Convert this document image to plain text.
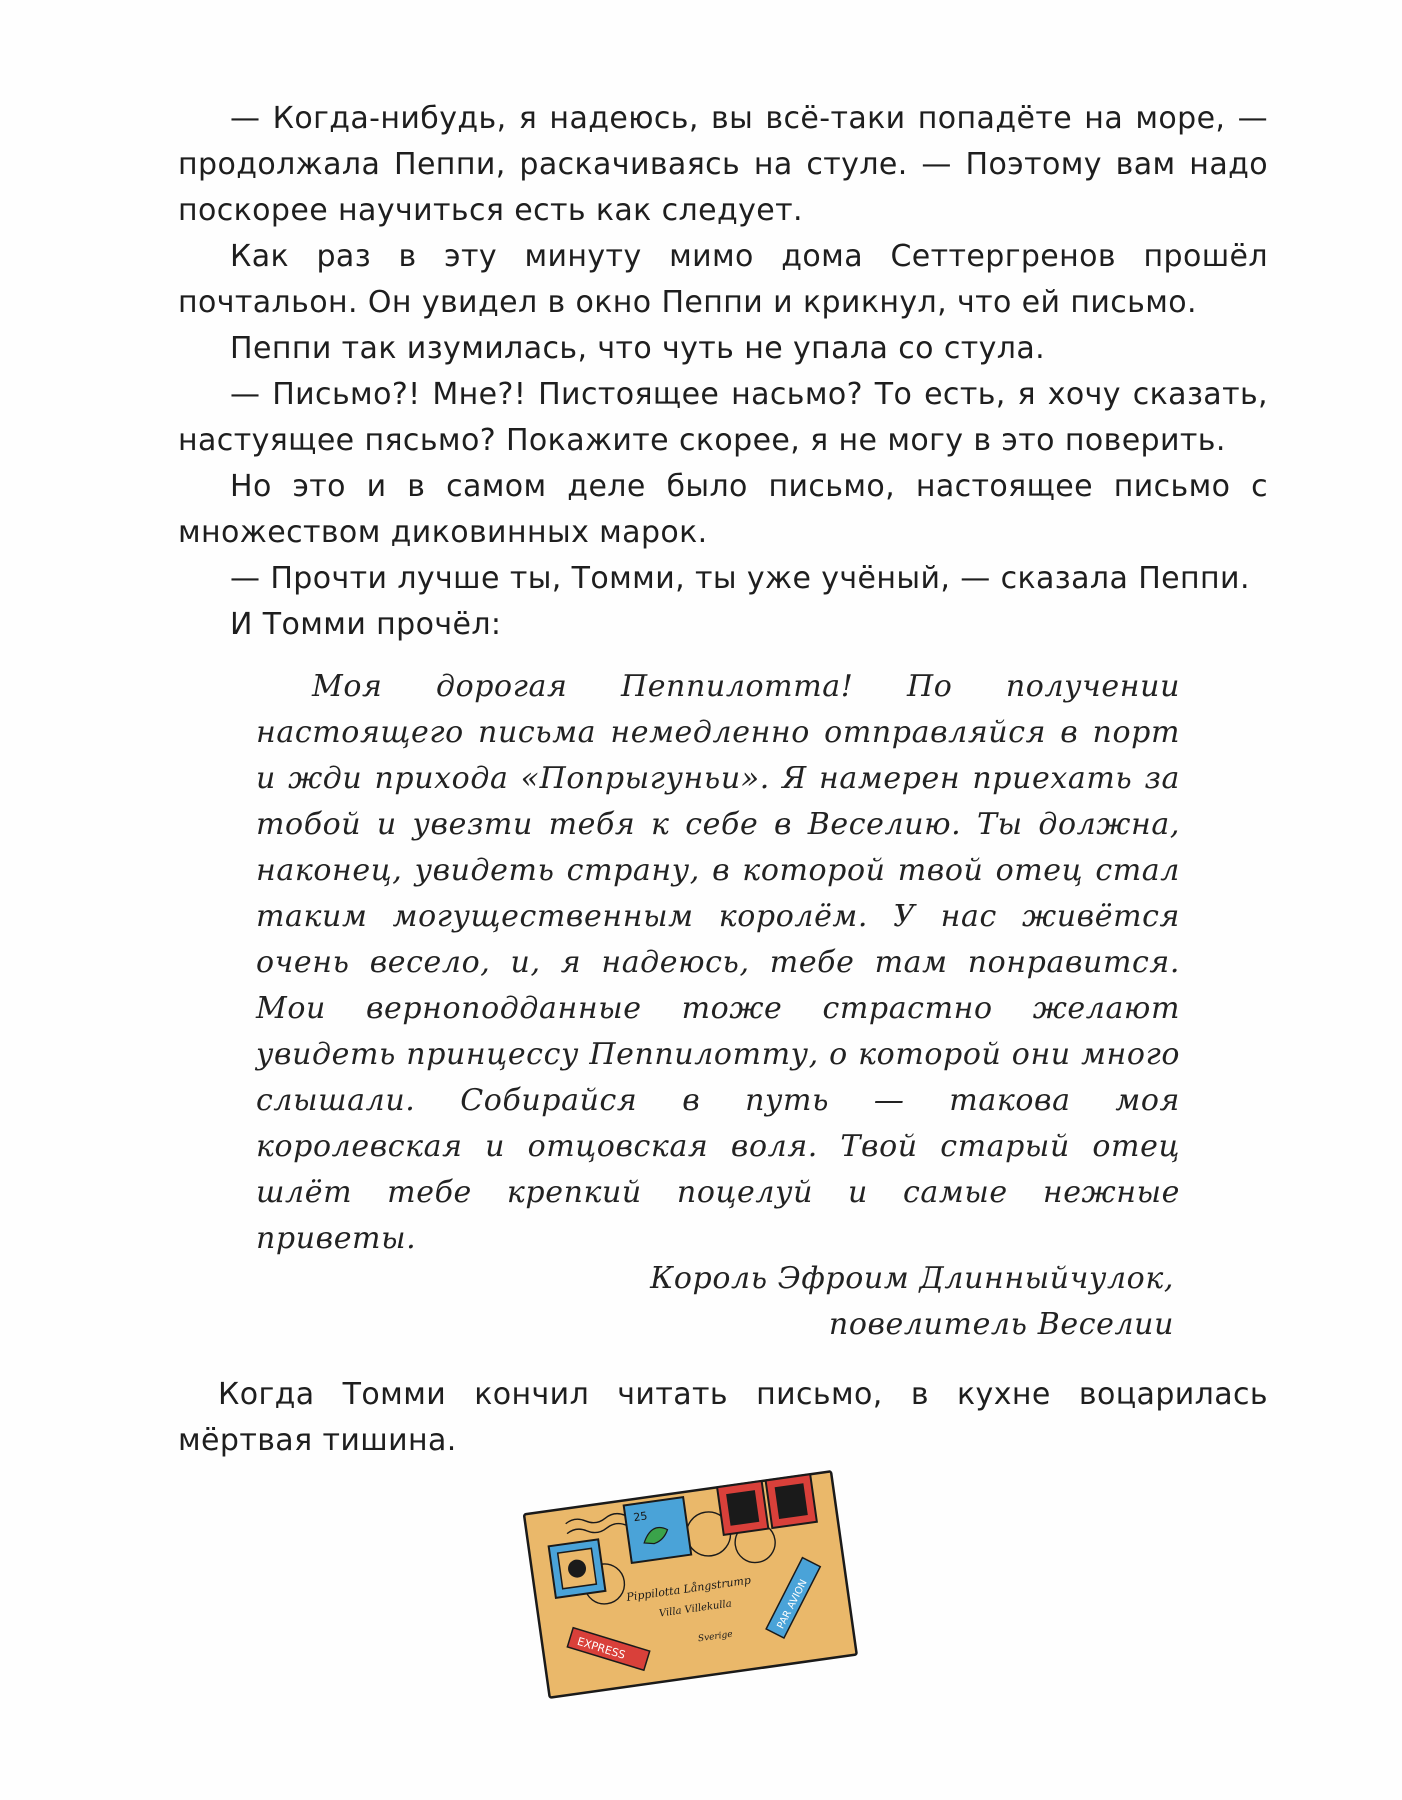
— Когда-нибудь, я надеюсь, вы всё-таки попадёте на море, — продолжала Пеппи, раскачиваясь на стуле. — Поэтому вам надо поскорее научиться есть как следует.

Как раз в эту минуту мимо дома Сеттергренов прошёл почтальон. Он увидел в окно Пеппи и крикнул, что ей письмо.

Пеппи так изумилась, что чуть не упала со стула.

— Письмо?! Мне?! Пистоящее насьмо? То есть, я хочу сказать, настуящее пясьмо? Покажите скорее, я не могу в это поверить.

Но это и в самом деле было письмо, настоящее письмо с множеством диковинных марок.

— Прочти лучше ты, Томми, ты уже учёный, — сказала Пеппи.

И Томми прочёл:

Моя дорогая Пеппилотта! По получении настоящего письма немедленно отправляйся в порт и жди прихода «Попрыгуньи». Я намерен приехать за тобой и увезти тебя к себе в Веселию. Ты должна, наконец, увидеть страну, в которой твой отец стал таким могущественным королём. У нас живётся очень весело, и, я надеюсь, тебе там понравится. Мои верноподданные тоже страстно желают увидеть принцессу Пеппилотту, о которой они много слышали. Собирайся в путь — такова моя королевская и отцовская воля. Твой старый отец шлёт тебе крепкий поцелуй и самые нежные приветы.

Король Эфроим Длинныйчулок,
повелитель Веселии

Когда Томми кончил читать письмо, в кухне воцарилась мёртвая тишина.

25
Pippilotta Långstrump
Villa Villekulla
Sverige
EXPRESS
PAR AVION
